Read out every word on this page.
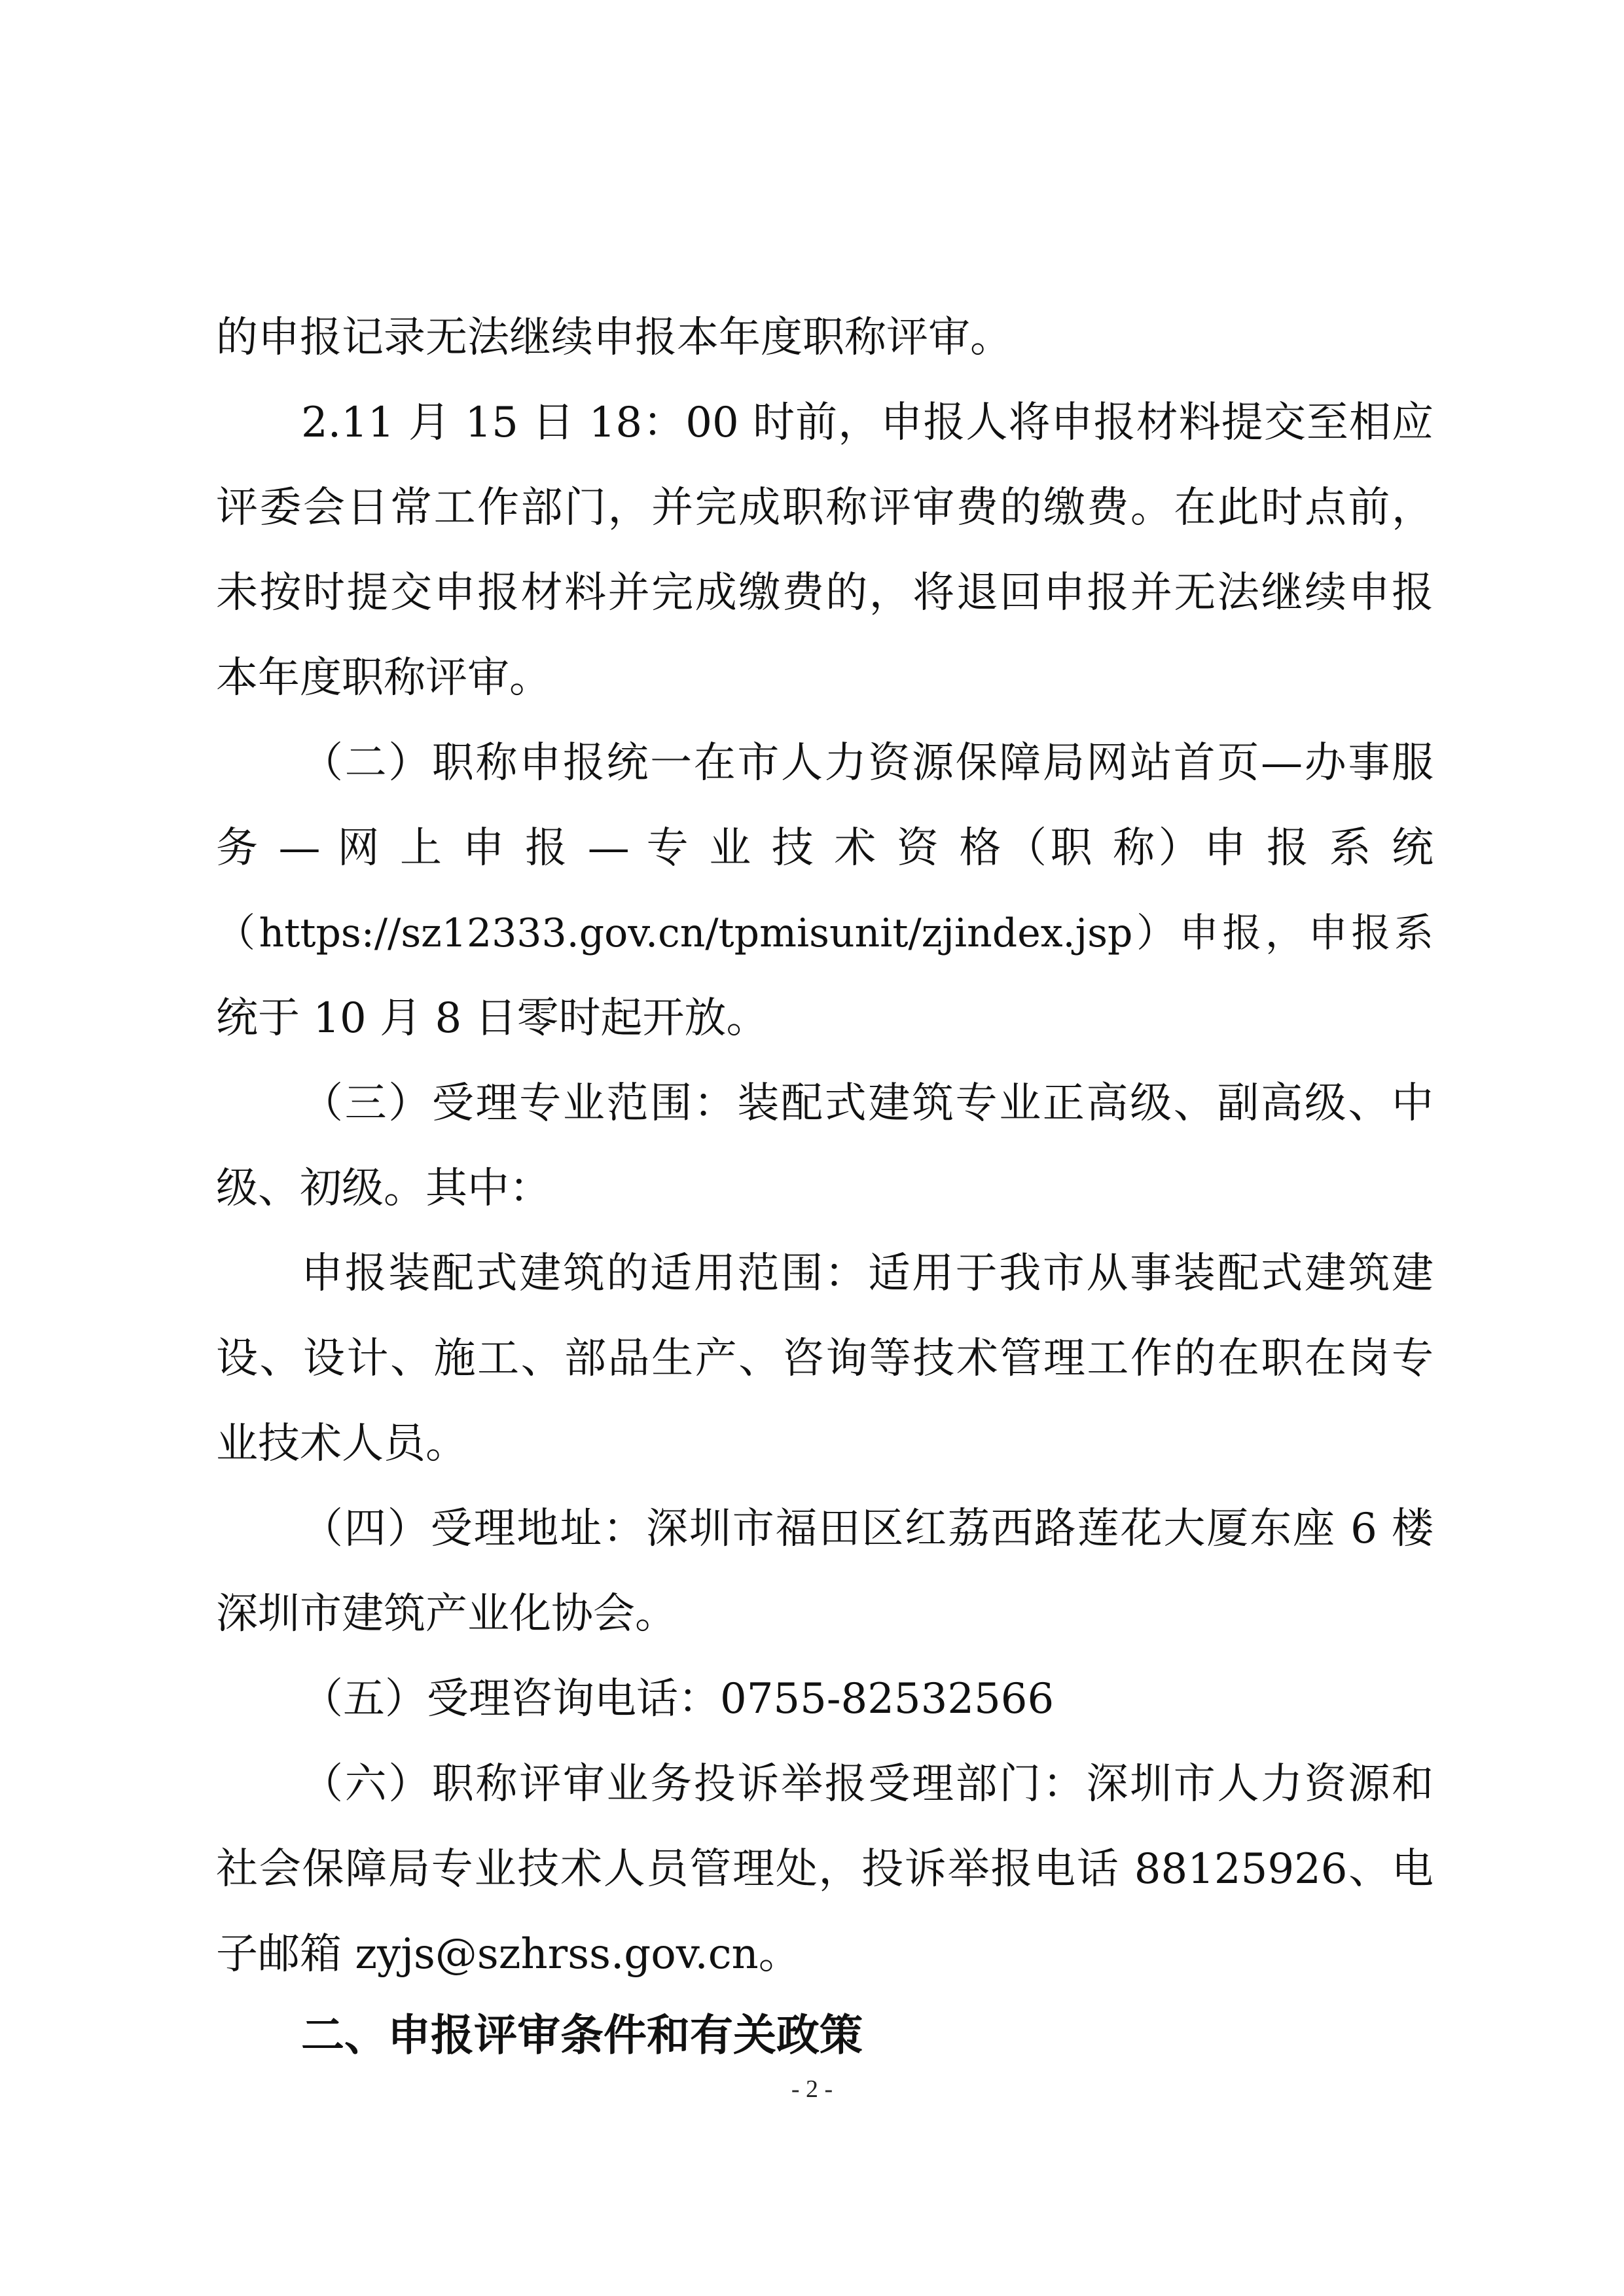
的申报记录无法继续申报本年度职称评审。
2.11 月 15 日 18：00 时前，申报人将申报材料提交至相应
评委会日常工作部门，并完成职称评审费的缴费。在此时点前，
未按时提交申报材料并完成缴费的，将退回申报并无法继续申报
本年度职称评审。
（二）职称申报统一在市人力资源保障局网站首页—办事服
务 — 网 上 申 报 — 专 业 技 术 资 格（职 称）申 报 系 统
（https://sz12333.gov.cn/tpmisunit/zjindex.jsp）申报，申报系
统于 10 月 8 日零时起开放。
（三）受理专业范围：装配式建筑专业正高级、副高级、中
级、初级。其中：
申报装配式建筑的适用范围：适用于我市从事装配式建筑建
设、设计、施工、部品生产、咨询等技术管理工作的在职在岗专
业技术人员。
（四）受理地址：深圳市福田区红荔西路莲花大厦东座 6 楼
深圳市建筑产业化协会。
（五）受理咨询电话：0755-82532566
（六）职称评审业务投诉举报受理部门：深圳市人力资源和
社会保障局专业技术人员管理处，投诉举报电话 88125926、电
子邮箱 zyjs@szhrss.gov.cn。
二、申报评审条件和有关政策
- 2 -
